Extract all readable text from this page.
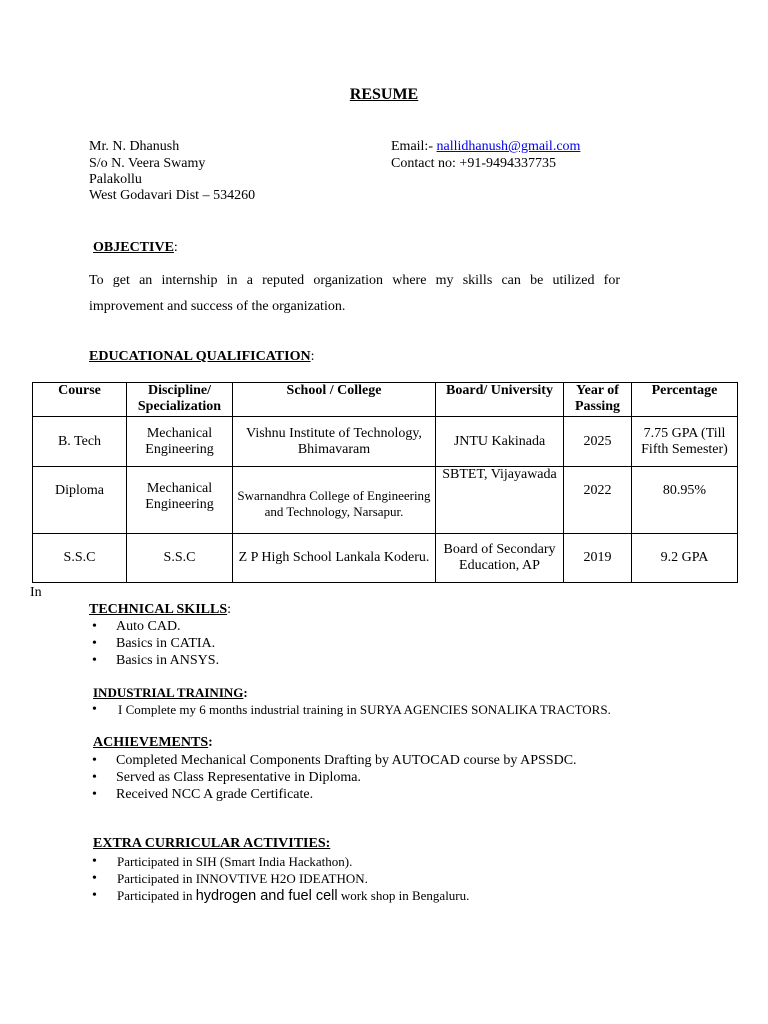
RESUME
Mr. N. Dhanush
S/o N. Veera Swamy
Palakollu
West Godavari Dist – 534260
Email:- nallidhanush@gmail.com
Contact no: +91-9494337735
OBJECTIVE:
To get an internship in a reputed organization where my skills can be utilized for
improvement and success of the organization.
EDUCATIONAL QUALIFICATION:
Course	Discipline/ Specialization	School / College	Board/ University	Year of Passing	Percentage
B. Tech	Mechanical Engineering	Vishnu Institute of Technology, Bhimavaram	JNTU Kakinada	2025	7.75 GPA (Till Fifth Semester)
Diploma	Mechanical Engineering	Swarnandhra College of Engineering and Technology, Narsapur.	SBTET, Vijayawada	2022	80.95%
S.S.C	S.S.C	Z P High School Lankala Koderu.	Board of Secondary Education, AP	2019	9.2 GPA
In
TECHNICAL SKILLS:
• Auto CAD.
• Basics in CATIA.
• Basics in ANSYS.
INDUSTRIAL TRAINING:
• I Complete my 6 months industrial training in SURYA AGENCIES SONALIKA TRACTORS.
ACHIEVEMENTS:
• Completed Mechanical Components Drafting by AUTOCAD course by APSSDC.
• Served as Class Representative in Diploma.
• Received NCC A grade Certificate.
EXTRA CURRICULAR ACTIVITIES:
• Participated in SIH (Smart India Hackathon).
• Participated in INNOVTIVE H2O IDEATHON.
• Participated in hydrogen and fuel cell work shop in Bengaluru.
